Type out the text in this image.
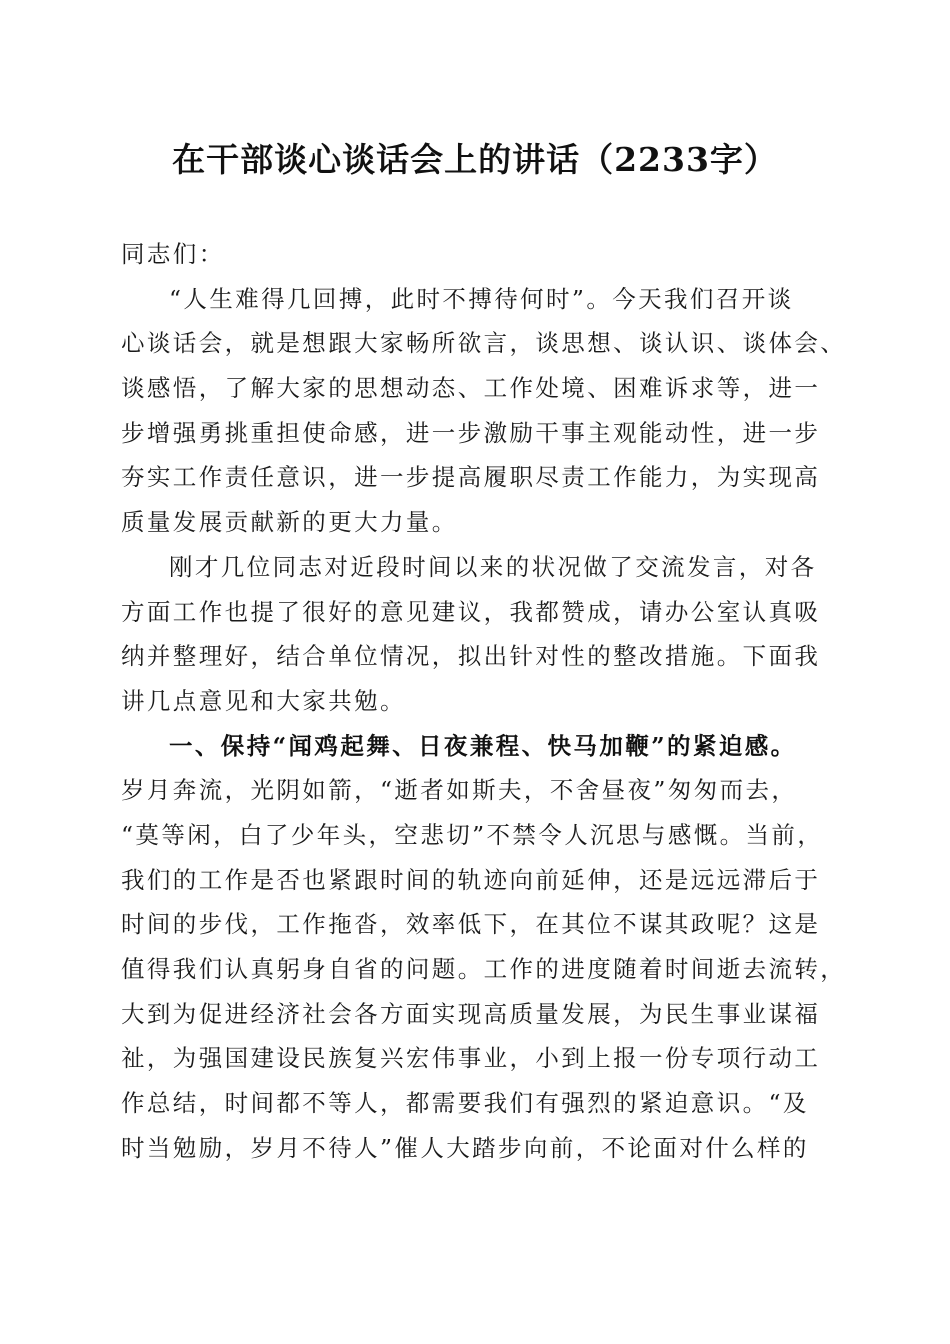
在干部谈心谈话会上的讲话（2233字）
同志们：
“人生难得几回搏，此时不搏待何时”。今天我们召开谈
心谈话会，就是想跟大家畅所欲言，谈思想、谈认识、谈体会、
谈感悟，了解大家的思想动态、工作处境、困难诉求等，进一
步增强勇挑重担使命感，进一步激励干事主观能动性，进一步
夯实工作责任意识，进一步提高履职尽责工作能力，为实现高
质量发展贡献新的更大力量。
刚才几位同志对近段时间以来的状况做了交流发言，对各
方面工作也提了很好的意见建议，我都赞成，请办公室认真吸
纳并整理好，结合单位情况，拟出针对性的整改措施。下面我
讲几点意见和大家共勉。
一、保持“闻鸡起舞、日夜兼程、快马加鞭”的紧迫感。
岁月奔流，光阴如箭，“逝者如斯夫，不舍昼夜”匆匆而去，
“莫等闲，白了少年头，空悲切”不禁令人沉思与感慨。当前，
我们的工作是否也紧跟时间的轨迹向前延伸，还是远远滞后于
时间的步伐，工作拖沓，效率低下，在其位不谋其政呢？这是
值得我们认真躬身自省的问题。工作的进度随着时间逝去流转，
大到为促进经济社会各方面实现高质量发展，为民生事业谋福
祉，为强国建设民族复兴宏伟事业，小到上报一份专项行动工
作总结，时间都不等人，都需要我们有强烈的紧迫意识。“及
时当勉励，岁月不待人”催人大踏步向前，不论面对什么样的
